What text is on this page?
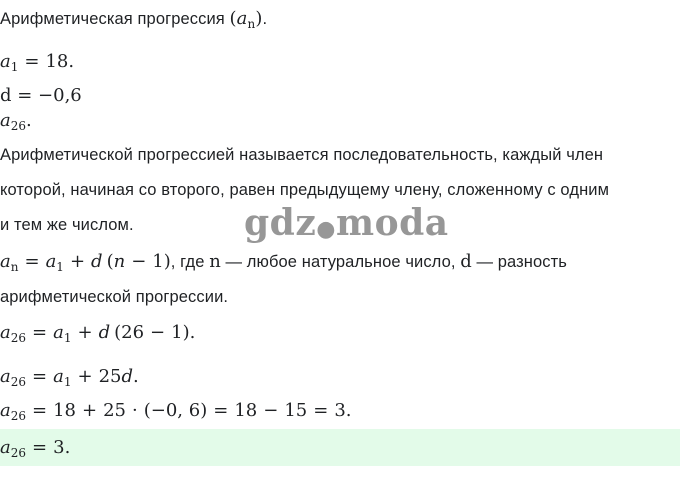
Арифметическая прогрессия $(a_n)$.
$a_1 = 18$.
d = −0,6
$a_{26}$.
Арифметической прогрессией называется последовательность, каждый член
которой, начиная со второго, равен предыдущему члену, сложенному с одним
и тем же числом.	gdz●moda
$a_n = a_1 + d$ (n − 1), где n — любое натуральное число, d — разность
арифметической прогрессии.
$a_{26} = a_1 + d$ (26 − 1).
$a_{26} = a_1 + 25d$.
$a_{26} = 18 + 25 \cdot (-0$, 6) = 18 − 15 = 3.
$a_{26} = 3$.
